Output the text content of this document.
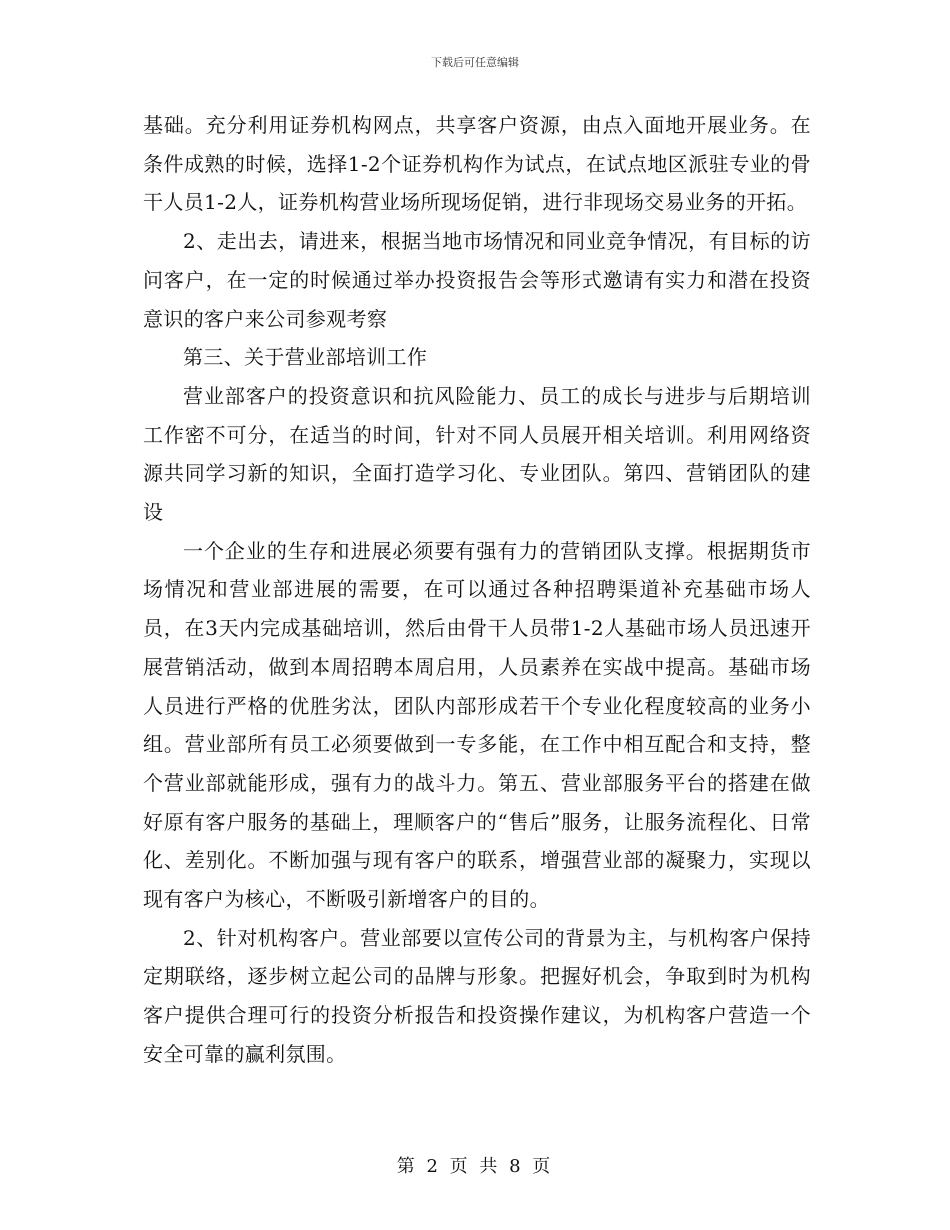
下载后可任意编辑

基础。充分利用证券机构网点，共享客户资源，由点入面地开展业务。在条件成熟的时候，选择1-2个证券机构作为试点，在试点地区派驻专业的骨干人员1-2人，证券机构营业场所现场促销，进行非现场交易业务的开拓。

2、走出去，请进来，根据当地市场情况和同业竞争情况，有目标的访问客户，在一定的时候通过举办投资报告会等形式邀请有实力和潜在投资意识的客户来公司参观考察

第三、关于营业部培训工作

营业部客户的投资意识和抗风险能力、员工的成长与进步与后期培训工作密不可分，在适当的时间，针对不同人员展开相关培训。利用网络资源共同学习新的知识，全面打造学习化、专业团队。第四、营销团队的建设

一个企业的生存和进展必须要有强有力的营销团队支撑。根据期货市场情况和营业部进展的需要，在可以通过各种招聘渠道补充基础市场人员，在3天内完成基础培训，然后由骨干人员带1-2人基础市场人员迅速开展营销活动，做到本周招聘本周启用，人员素养在实战中提高。基础市场人员进行严格的优胜劣汰，团队内部形成若干个专业化程度较高的业务小组。营业部所有员工必须要做到一专多能，在工作中相互配合和支持，整个营业部就能形成，强有力的战斗力。第五、营业部服务平台的搭建在做好原有客户服务的基础上，理顺客户的“售后”服务，让服务流程化、日常化、差别化。不断加强与现有客户的联系，增强营业部的凝聚力，实现以现有客户为核心，不断吸引新增客户的目的。

2、针对机构客户。营业部要以宣传公司的背景为主，与机构客户保持定期联络，逐步树立起公司的品牌与形象。把握好机会，争取到时为机构客户提供合理可行的投资分析报告和投资操作建议，为机构客户营造一个安全可靠的赢利氛围。

第 2 页 共 8 页
